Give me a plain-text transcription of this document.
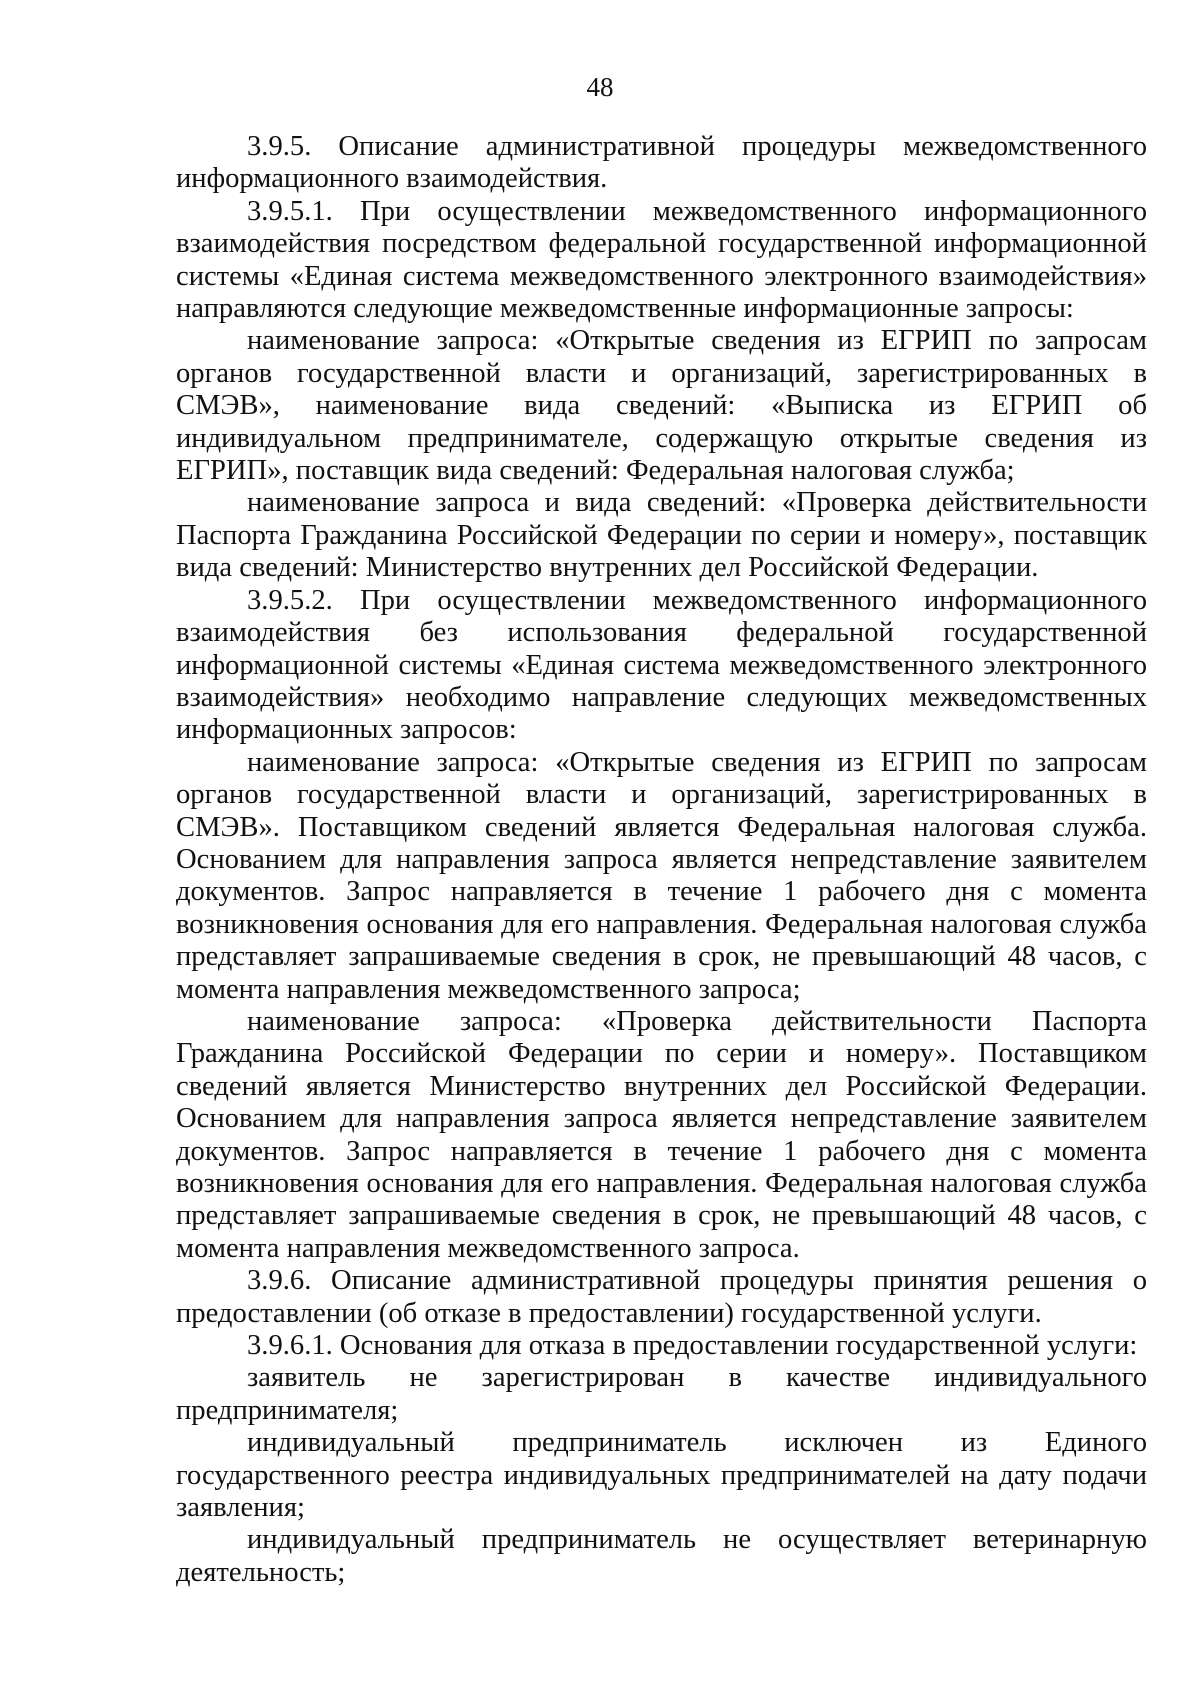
48

3.9.5. Описание административной процедуры межведомственного информационного взаимодействия.

3.9.5.1. При осуществлении межведомственного информационного взаимодействия посредством федеральной государственной информационной системы «Единая система межведомственного электронного взаимодействия» направляются следующие межведомственные информационные запросы:

наименование запроса: «Открытые сведения из ЕГРИП по запросам органов государственной власти и организаций, зарегистрированных в СМЭВ», наименование вида сведений: «Выписка из ЕГРИП об индивидуальном предпринимателе, содержащую открытые сведения из ЕГРИП», поставщик вида сведений: Федеральная налоговая служба;

наименование запроса и вида сведений: «Проверка действительности Паспорта Гражданина Российской Федерации по серии и номеру», поставщик вида сведений: Министерство внутренних дел Российской Федерации.

3.9.5.2. При осуществлении межведомственного информационного взаимодействия без использования федеральной государственной информационной системы «Единая система межведомственного электронного взаимодействия» необходимо направление следующих межведомственных информационных запросов:

наименование запроса: «Открытые сведения из ЕГРИП по запросам органов государственной власти и организаций, зарегистрированных в СМЭВ». Поставщиком сведений является Федеральная налоговая служба. Основанием для направления запроса является непредставление заявителем документов. Запрос направляется в течение 1 рабочего дня с момента возникновения основания для его направления. Федеральная налоговая служба представляет запрашиваемые сведения в срок, не превышающий 48 часов, с момента направления межведомственного запроса;

наименование запроса: «Проверка действительности Паспорта Гражданина Российской Федерации по серии и номеру». Поставщиком сведений является Министерство внутренних дел Российской Федерации. Основанием для направления запроса является непредставление заявителем документов. Запрос направляется в течение 1 рабочего дня с момента возникновения основания для его направления. Федеральная налоговая служба представляет запрашиваемые сведения в срок, не превышающий 48 часов, с момента направления межведомственного запроса.

3.9.6. Описание административной процедуры принятия решения о предоставлении (об отказе в предоставлении) государственной услуги.

3.9.6.1. Основания для отказа в предоставлении государственной услуги:

заявитель не зарегистрирован в качестве индивидуального предпринимателя;

индивидуальный предприниматель исключен из Единого государственного реестра индивидуальных предпринимателей на дату подачи заявления;

индивидуальный предприниматель не осуществляет ветеринарную деятельность;
